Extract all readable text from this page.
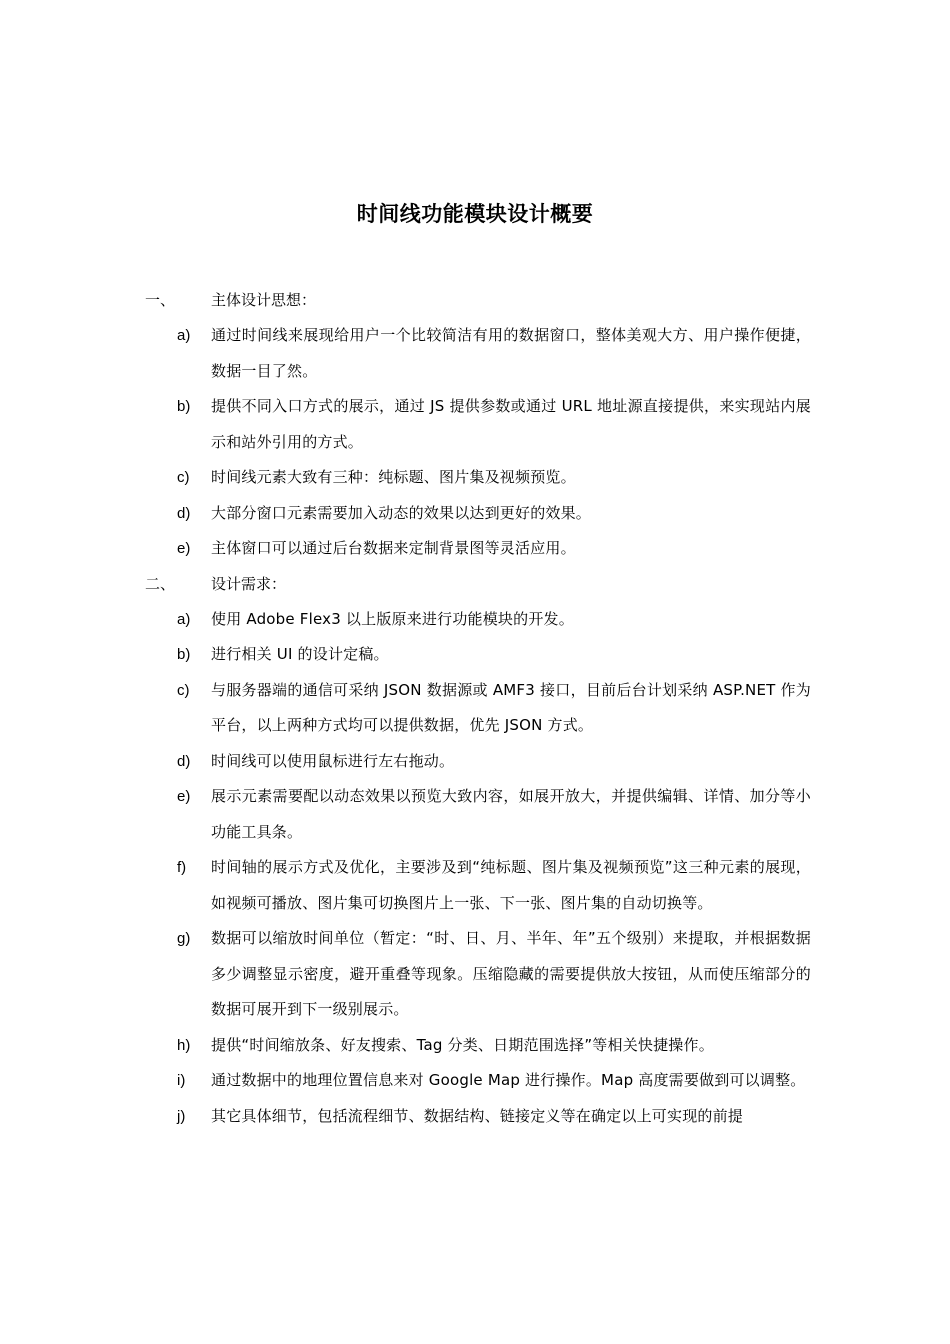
时间线功能模块设计概要
一、 主体设计思想：
a) 通过时间线来展现给用户一个比较简洁有用的数据窗口，整体美观大方、用户操作便捷，数据一目了然。
b) 提供不同入口方式的展示，通过 JS 提供参数或通过 URL 地址源直接提供，来实现站内展示和站外引用的方式。
c) 时间线元素大致有三种：纯标题、图片集及视频预览。
d) 大部分窗口元素需要加入动态的效果以达到更好的效果。
e) 主体窗口可以通过后台数据来定制背景图等灵活应用。
二、 设计需求：
a) 使用 Adobe Flex3 以上版原来进行功能模块的开发。
b) 进行相关 UI 的设计定稿。
c) 与服务器端的通信可采纳 JSON 数据源或 AMF3 接口，目前后台计划采纳 ASP.NET 作为平台，以上两种方式均可以提供数据，优先 JSON 方式。
d) 时间线可以使用鼠标进行左右拖动。
e) 展示元素需要配以动态效果以预览大致内容，如展开放大，并提供编辑、详情、加分等小功能工具条。
f) 时间轴的展示方式及优化，主要涉及到“纯标题、图片集及视频预览”这三种元素的展现，如视频可播放、图片集可切换图片上一张、下一张、图片集的自动切换等。
g) 数据可以缩放时间单位（暂定：“时、日、月、半年、年”五个级别）来提取，并根据数据多少调整显示密度，避开重叠等现象。压缩隐藏的需要提供放大按钮，从而使压缩部分的数据可展开到下一级别展示。
h) 提供“时间缩放条、好友搜索、Tag 分类、日期范围选择”等相关快捷操作。
i) 通过数据中的地理位置信息来对 Google Map 进行操作。Map 高度需要做到可以调整。
j) 其它具体细节，包括流程细节、数据结构、链接定义等在确定以上可实现的前提
